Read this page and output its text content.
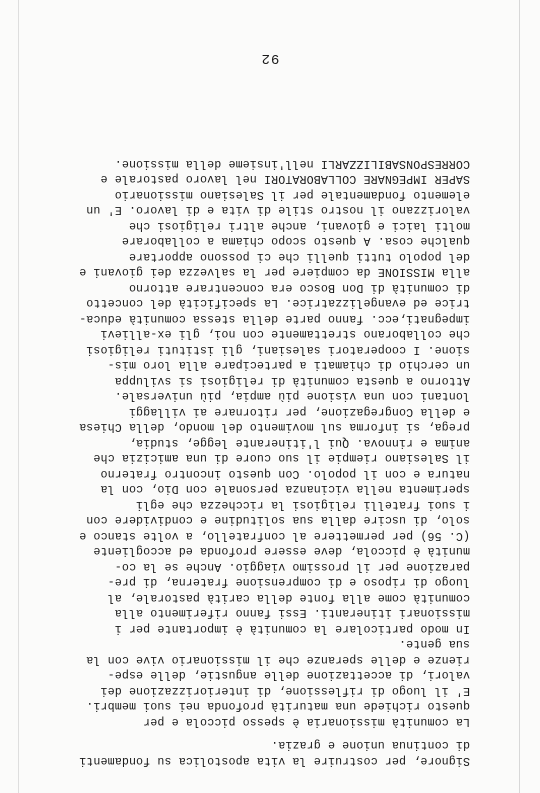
Signore, per costruire la vita apostolica su fondamenti
di continua unione e grazia.
La comunità missionaria è spesso piccola e per
questo richiede una maturità profonda nei suoi membri.
E' il luogo di riflessione, di interiorizzazione dei
valori, di accettazione delle angustie, delle espe-
rienze e delle speranze che il missionario vive con la
sua gente.
In modo particolare la comunità è importante per i
missionari itineranti. Essi fanno riferimento alla
comunità come alla fonte della carità pastorale, al
luogo di riposo e di comprensione fraterna, di pre-
parazione per il prossimo viaggio. Anche se la co-
munità è piccola, deve essere profonda ed accogliente
(C. 56) per permettere al confratello, a volte stanco e
solo, di uscire dalla sua solitudine e condividere con
i suoi fratelli religiosi la ricchezza che egli
sperimenta nella vicinanza personale con Dio, con la
natura e con il popolo. Con questo incontro fraterno
il Salesiano riempie il suo cuore di una amicizia che
anima e rinnova. Qui l'itinerante legge, studia,
prega, si informa sul movimento del mondo, della Chiesa
e della Congregazione, per ritornare ai villaggi
lontani con una visione più ampia, più universale.
Attorno a questa comunità di religiosi si sviluppa
un cerchio di chiamati a partecipare alla loro mis-
sione. I cooperatori salesiani, gli istituti religiosi
che collaborano strettamente con noi, gli ex-allievi
impegnati,ecc. fanno parte della stessa comunità educa-
trice ed evangelizzatrice. La specificità del concetto
di comunità di Don Bosco era concentrare attorno
alla MISSIONE da compiere per la salvezza dei giovani e
del popolo tutti quelli che ci possono apportare
qualche cosa. A questo scopo chiama a collaborare
molti laici e giovani, anche altri religiosi che
valorizzano il nostro stile di vita e di lavoro. E' un
elemento fondamentale per il Salesiano missionario
SAPER IMPEGNARE COLLABORATORI nel lavoro pastorale e
CORRESPONSABILIZZARLI nell'insieme della missione.
92
